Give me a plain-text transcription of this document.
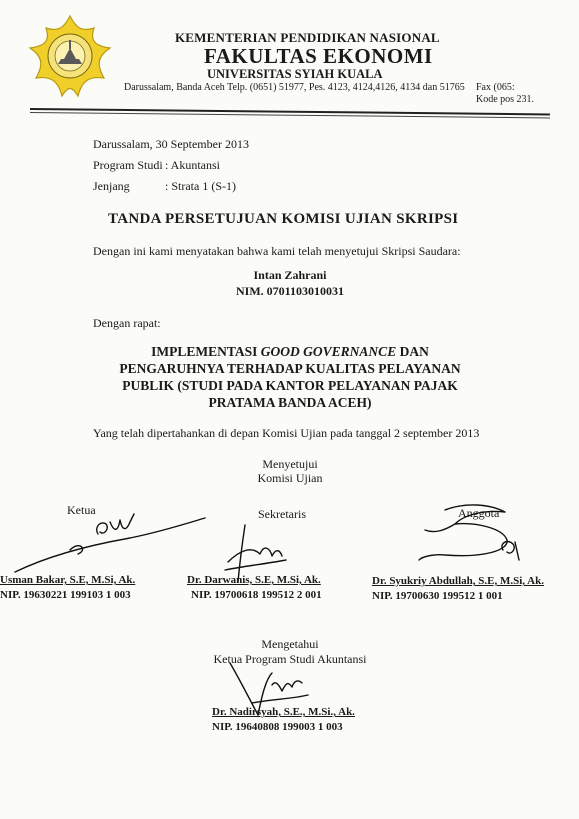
KEMENTERIAN PENDIDIKAN NASIONAL
FAKULTAS EKONOMI
UNIVERSITAS SYIAH KUALA
Darussalam, Banda Aceh Telp. (0651) 51977, Pes. 4123, 4124,4126, 4134 dan 51765 Fax (065:
Kode pos 231.
Darussalam, 30 September 2013
Program Studi : Akuntansi
Jenjang	: Strata 1 (S-1)
TANDA PERSETUJUAN KOMISI UJIAN SKRIPSI
Dengan ini kami menyatakan bahwa kami telah menyetujui Skripsi Saudara:
Intan Zahrani
NIM. 0701103010031
Dengan rapat:
IMPLEMENTASI GOOD GOVERNANCE DAN
PENGARUHNYA TERHADAP KUALITAS PELAYANAN
PUBLIK (STUDI PADA KANTOR PELAYANAN PAJAK
PRATAMA BANDA ACEH)
Yang telah dipertahankan di depan Komisi Ujian pada tanggal 2 september 2013
Menyetujui
Komisi Ujian
Ketua	Sekretaris	Anggota
Usman Bakar, S.E, M.Si, Ak.
NIP. 19630221 199103 1 003
Dr. Darwanis, S.E, M.Si, Ak.
NIP. 19700618 199512 2 001
Dr. Syukriy Abdullah, S.E, M.Si, Ak.
NIP. 19700630 199512 1 001
Mengetahui
Ketua Program Studi Akuntansi
Dr. Nadirsyah, S.E., M.Si., Ak.
NIP. 19640808 199003 1 003
